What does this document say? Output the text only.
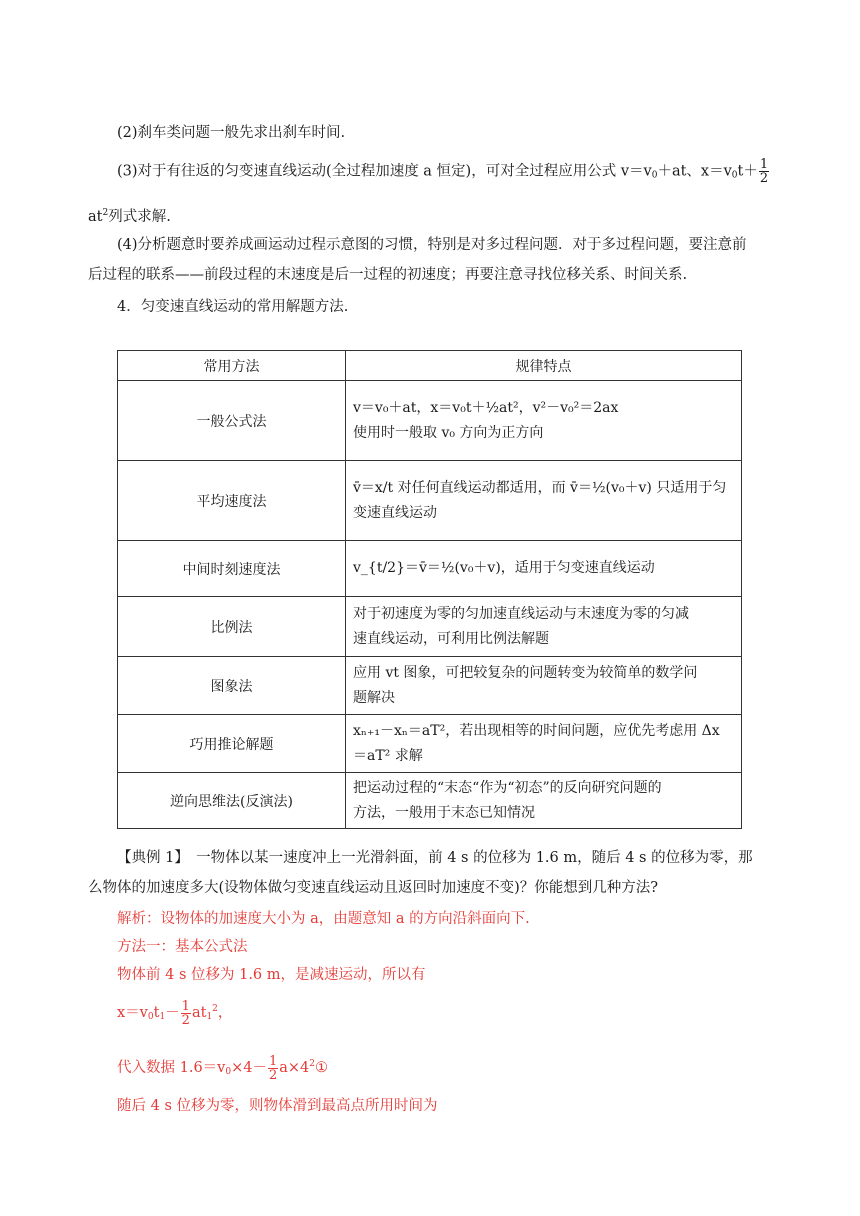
(2)刹车类问题一般先求出刹车时间.
(3)对于有往返的匀变速直线运动(全过程加速度 a 恒定)，可对全过程应用公式 $v=v_0+at$、$x=v_0t+ \frac{1}{2}$
$at^2$列式求解.
(4)分析题意时要养成画运动过程示意图的习惯，特别是对多过程问题．对于多过程问题，要注意前
后过程的联系——前段过程的末速度是后一过程的初速度；再要注意寻找位移关系、时间关系.
4．匀变速直线运动的常用解题方法.
常用方法	规律特点
一般公式法	v＝v₀＋at，x＝v₀t＋½at²，v²－v₀²＝2ax
使用时一般取 v₀ 方向为正方向

平均速度法	v̄＝x/t 对任何直线运动都适用，而 v̄＝½(v₀＋v) 只适用于匀
变速直线运动

中间时刻速度法	v_{t/2}＝v̄＝½(v₀＋v)，适用于匀变速直线运动

比例法	对于初速度为零的匀加速直线运动与末速度为零的匀减
速直线运动，可利用比例法解题

图象法	应用 vt 图象，可把较复杂的问题转变为较简单的数学问
题解决

巧用推论解题	xₙ₊₁－xₙ＝aT²，若出现相等的时间问题，应优先考虑用 Δx
＝aT² 求解

逆向思维法(反演法)	把运动过程的“末态“作为“初态”的反向研究问题的
方法，一般用于末态已知情况
【典例 1】　一物体以某一速度冲上一光滑斜面，前 4 s 的位移为 1.6 m，随后 4 s 的位移为零，那
么物体的加速度多大(设物体做匀变速直线运动且返回时加速度不变)？你能想到几种方法?
解析：设物体的加速度大小为 a，由题意知 a 的方向沿斜面向下.
方法一：基本公式法
物体前 4 s 位移为 1.6 m，是减速运动，所以有
$x=v_0t_1- \frac{1}{2} at_1^2$，
代入数据 $1.6=v_0\times 4- \frac{1}{2}$ $a\times 4^2①$
随后 4 s 位移为零，则物体滑到最高点所用时间为
